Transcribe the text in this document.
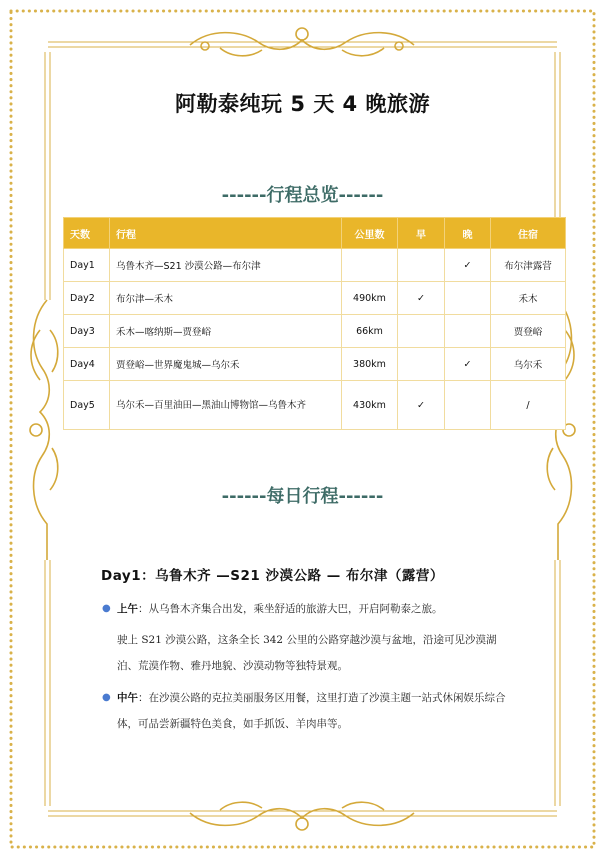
阿勒泰纯玩 5 天 4 晚旅游
------行程总览------
天数	行程	公里数	早	晚	住宿
Day1	乌鲁木齐—S21 沙漠公路—布尔津			✓	布尔津露营
Day2	布尔津—禾木	490km	✓		禾木
Day3	禾木—喀纳斯—贾登峪	66km			贾登峪
Day4	贾登峪—世界魔鬼城—乌尔禾	380km		✓	乌尔禾
Day5	乌尔禾—百里油田—黑油山博物馆—乌鲁木齐	430km	✓		/
------每日行程------
Day1：乌鲁木齐 —S21 沙漠公路 — 布尔津（露营）
● 上午：从乌鲁木齐集合出发，乘坐舒适的旅游大巴，开启阿勒泰之旅。
驶上 S21 沙漠公路，这条全长 342 公里的公路穿越沙漠与盆地，沿途可见沙漠湖泊、荒漠作物、雅丹地貌、沙漠动物等独特景观。
● 中午：在沙漠公路的克拉美丽服务区用餐，这里打造了沙漠主题一站式休闲娱乐综合体，可品尝新疆特色美食，如手抓饭、羊肉串等。
